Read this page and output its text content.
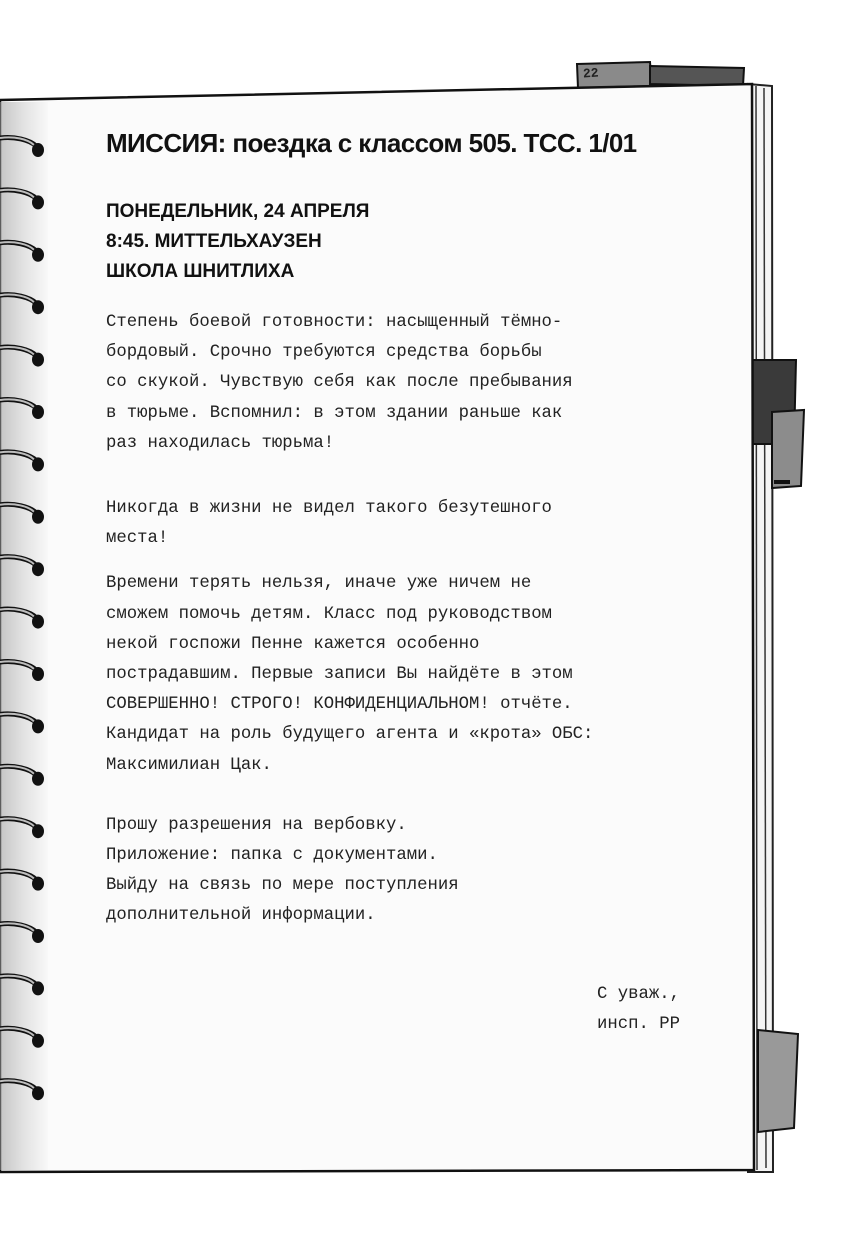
22
МИССИЯ: поездка с классом 505. ТСС. 1/01
ПОНЕДЕЛЬНИК, 24 АПРЕЛЯ
8:45. МИТТЕЛЬХАУЗЕН
ШКОЛА ШНИТЛИХА

Степень боевой готовности: насыщенный тёмно-
бордовый. Срочно требуются средства борьбы
со скукой. Чувствую себя как после пребывания
в тюрьме. Вспомнил: в этом здании раньше как
раз находилась тюрьма!

Никогда в жизни не видел такого безутешного
места!

Времени терять нельзя, иначе уже ничем не
сможем помочь детям. Класс под руководством
некой госпожи Пенне кажется особенно
пострадавшим. Первые записи Вы найдёте в этом
СОВЕРШЕННО! СТРОГО! КОНФИДЕНЦИАЛЬНОМ! отчёте.
Кандидат на роль будущего агента и «крота» ОБС:
Максимилиан Цак.

Прошу разрешения на вербовку.
Приложение: папка с документами.
Выйду на связь по мере поступления
дополнительной информации.

С уваж.,
инсп. РР
